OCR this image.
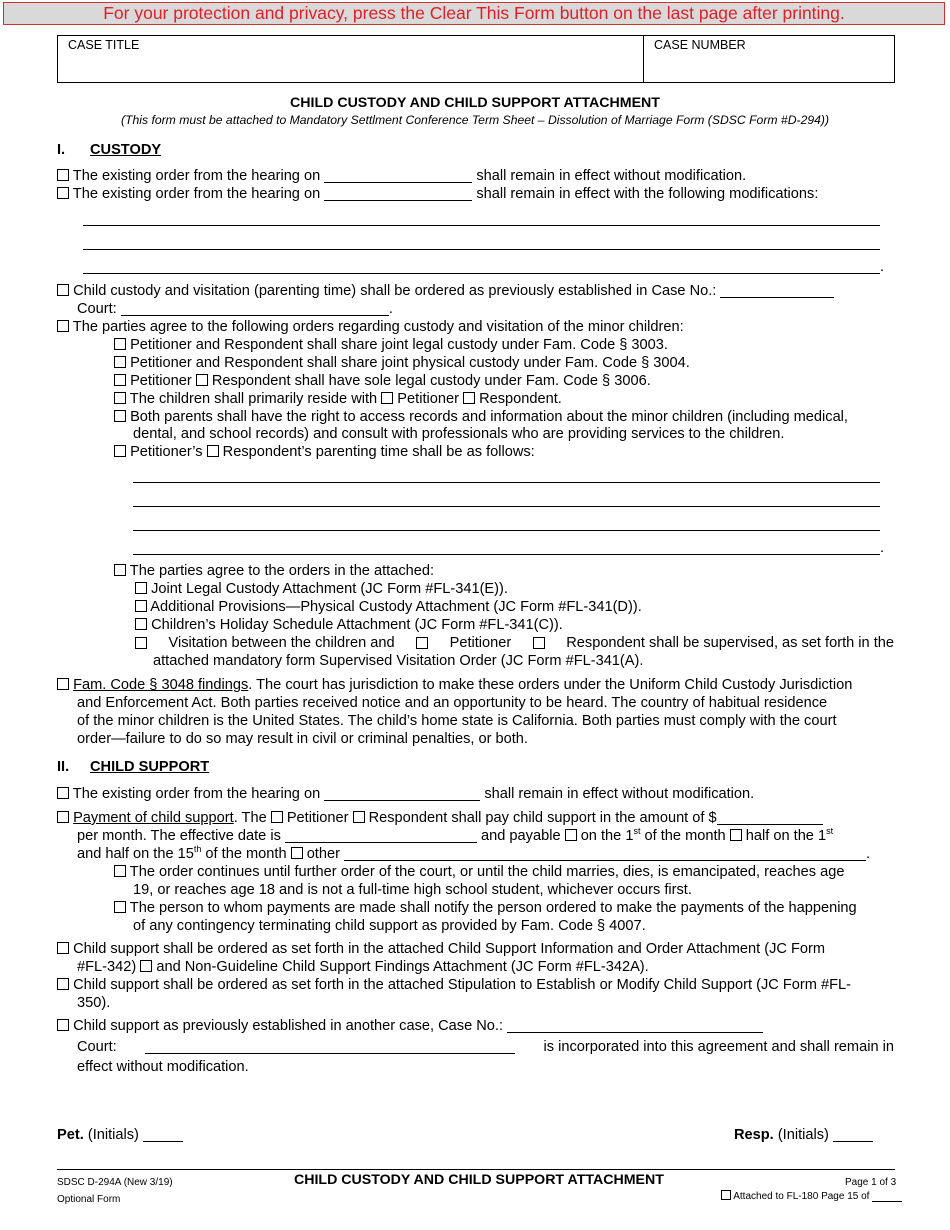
For your protection and privacy, press the Clear This Form button on the last page after printing.
CASE TITLE	CASE NUMBER
CHILD CUSTODY AND CHILD SUPPORT ATTACHMENT
(This form must be attached to Mandatory Settlment Conference Term Sheet – Dissolution of Marriage Form (SDSC Form #D-294))
I. CUSTODY
The existing order from the hearing on	shall remain in effect without modification.
The existing order from the hearing on	shall remain in effect with the following modifications:
.
Child custody and visitation (parenting time) shall be ordered as previously established in Case No.:
Court:	.
The parties agree to the following orders regarding custody and visitation of the minor children:
Petitioner and Respondent shall share joint legal custody under Fam. Code § 3003.
Petitioner and Respondent shall share joint physical custody under Fam. Code § 3004.
Petitioner Respondent shall have sole legal custody under Fam. Code § 3006.
The children shall primarily reside with Petitioner Respondent.
Both parents shall have the right to access records and information about the minor children (including medical,
dental, and school records) and consult with professionals who are providing services to the children.
Petitioner’s Respondent’s parenting time shall be as follows:
.
The parties agree to the orders in the attached:
Joint Legal Custody Attachment (JC Form #FL-341(E)).
Additional Provisions—Physical Custody Attachment (JC Form #FL-341(D)).
Children’s Holiday Schedule Attachment (JC Form #FL-341(C)).
Visitation between the children and	Petitioner	Respondent shall be supervised, as set forth in the
attached mandatory form Supervised Visitation Order (JC Form #FL-341(A).
Fam. Code § 3048 findings. The court has jurisdiction to make these orders under the Uniform Child Custody Jurisdiction
and Enforcement Act. Both parties received notice and an opportunity to be heard. The country of habitual residence
of the minor children is the United States. The child’s home state is California. Both parties must comply with the court
order—failure to do so may result in civil or criminal penalties, or both.
II. CHILD SUPPORT
The existing order from the hearing on	shall remain in effect without modification.
Payment of child support. The Petitioner Respondent shall pay child support in the amount of $
per month. The effective date is	and payable on the 1st of the month half on the 1st
and half on the 15th of the month other	.
The order continues until further order of the court, or until the child marries, dies, is emancipated, reaches age
19, or reaches age 18 and is not a full-time high school student, whichever occurs first.
The person to whom payments are made shall notify the person ordered to make the payments of the happening
of any contingency terminating child support as provided by Fam. Code § 4007.
Child support shall be ordered as set forth in the attached Child Support Information and Order Attachment (JC Form
#FL-342) and Non-Guideline Child Support Findings Attachment (JC Form #FL-342A).
Child support shall be ordered as set forth in the attached Stipulation to Establish or Modify Child Support (JC Form #FL-
350).
Child support as previously established in another case, Case No.:
Court:	is incorporated into this agreement and shall remain in
effect without modification.
Pet. (Initials)	Resp. (Initials)
SDSC D-294A (New 3/19)
Optional Form
CHILD CUSTODY AND CHILD SUPPORT ATTACHMENT	Page 1 of 3
Attached to FL-180 Page 15 of
